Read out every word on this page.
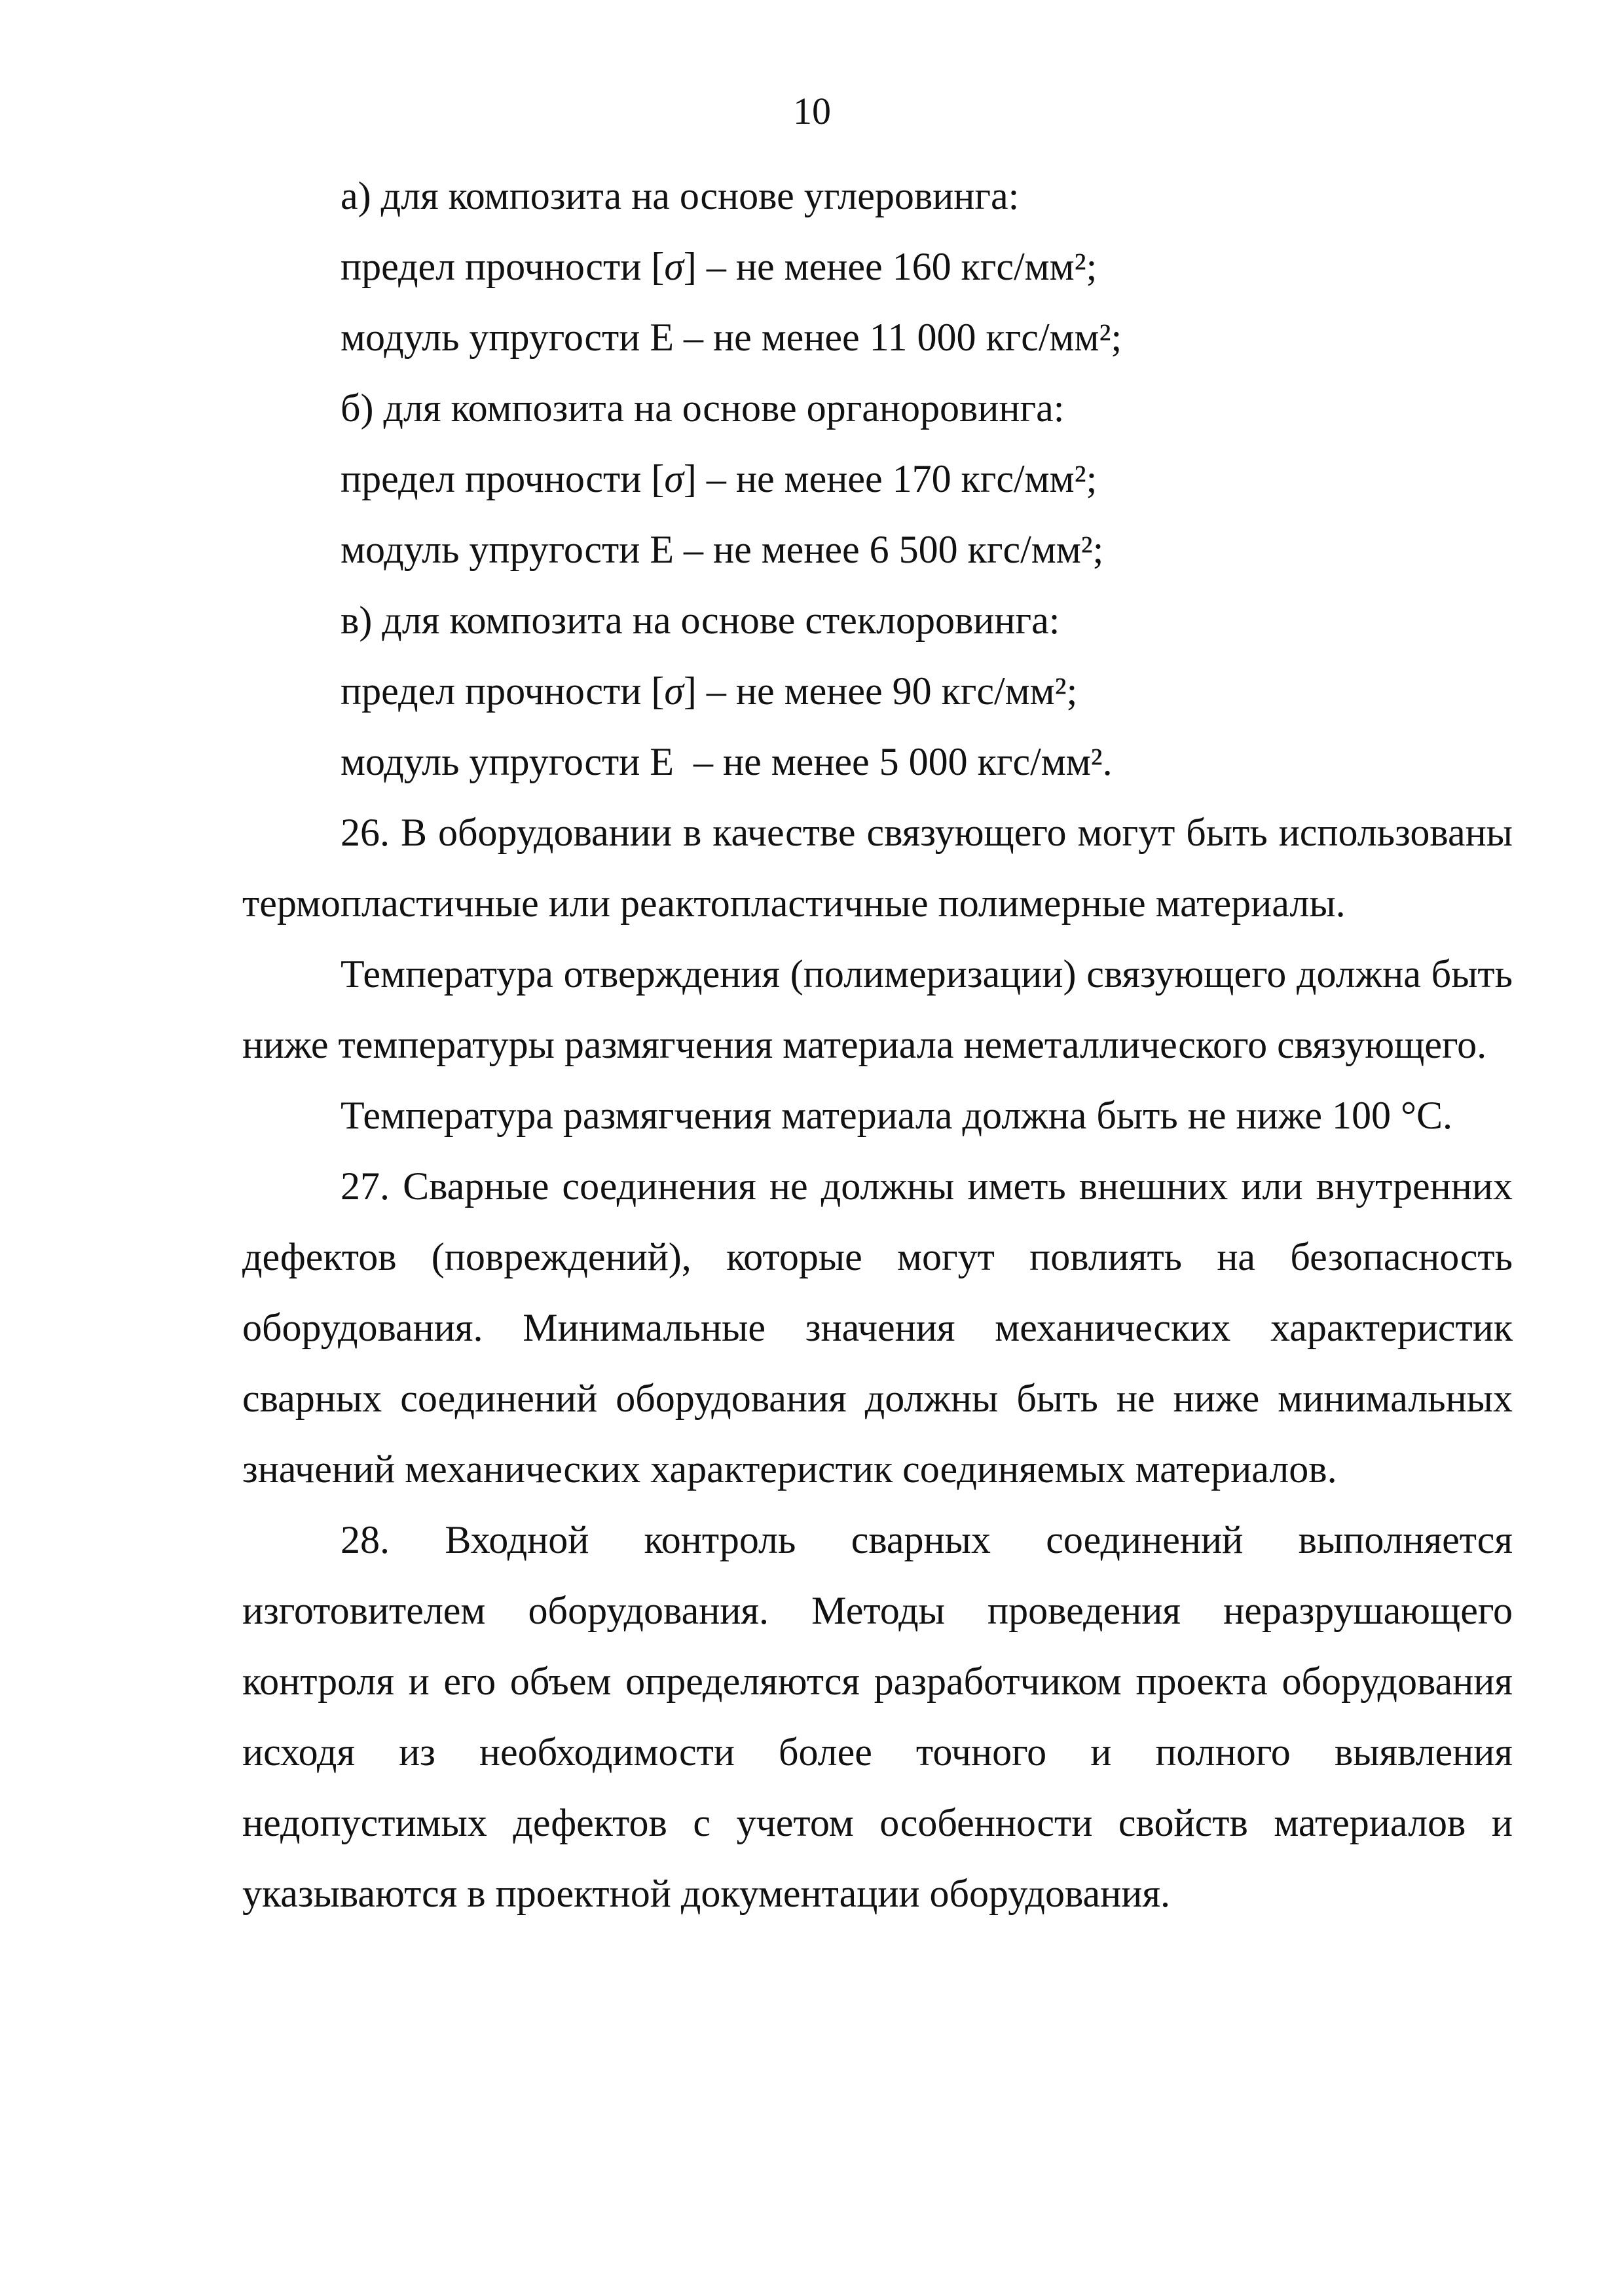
10
а) для композита на основе углеровинга:
предел прочности [σ] – не менее 160 кгс/мм²;
модуль упругости Е – не менее 11 000 кгс/мм²;
б) для композита на основе органоровинга:
предел прочности [σ] – не менее 170 кгс/мм²;
модуль упругости Е – не менее 6 500 кгс/мм²;
в) для композита на основе стеклоровинга:
предел прочности [σ] – не менее 90 кгс/мм²;
модуль упругости Е  – не менее 5 000 кгс/мм².

26. В оборудовании в качестве связующего могут быть использованы термопластичные или реактопластичные полимерные материалы.

Температура отверждения (полимеризации) связующего должна быть ниже температуры размягчения материала неметаллического связующего.

Температура размягчения материала должна быть не ниже 100 °С.

27. Сварные соединения не должны иметь внешних или внутренних дефектов (повреждений), которые могут повлиять на безопасность оборудования. Минимальные значения механических характеристик сварных соединений оборудования должны быть не ниже минимальных значений механических характеристик соединяемых материалов.

28. Входной контроль сварных соединений выполняется изготовителем оборудования. Методы проведения неразрушающего контроля и его объем определяются разработчиком проекта оборудования исходя из необходимости более точного и полного выявления недопустимых дефектов с учетом особенности свойств материалов и указываются в проектной документации оборудования.
